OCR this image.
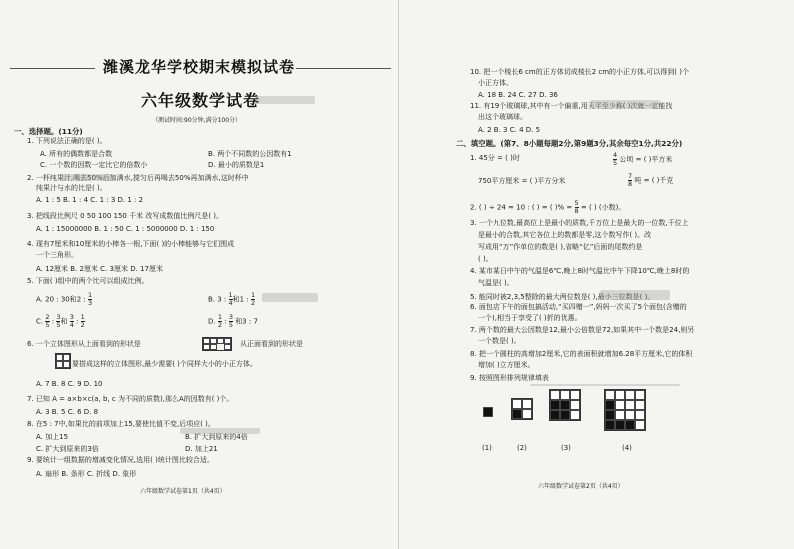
潍溪龙华学校期末模拟试卷
六年级数学试卷
（测试时间:90分钟,满分100分）
一、选择题。(11分)
1. 下列说法正确的是( )。
A. 所有的偶数都是合数	B. 两个不同数的公因数有1
C. 一个数的因数一定比它的倍数小	D. 最小的质数是1
2. 一杯纯果汁,喝去50%后加满水,搅匀后再喝去50%再加满水,这时杯中
纯果汁与水的比是( )。
A. 1 : 5 B. 1 : 4 C. 1 : 3 D. 1 : 2
3. 把线段比例尺 0 50 100 150 千米 改写成数值比例尺是( )。
A. 1 : 15000000 B. 1 : 50 C. 1 : 5000000 D. 1 : 150
4. 现有7厘米和10厘米的小棒各一根,下面( )的小棒能够与它们围成
一个三角形。
A. 12厘米 B. 2厘米 C. 3厘米 D. 17厘米
5. 下面( )组中的两个比可以组成比例。
A. 20 : 30和2 : $\frac{1}{3}$	B. 3 : $\frac{1}{4}$ 和1 : $\frac{1}{2}$
C. $\frac{2}{5}$ : $\frac{3}{5}$ 和 $\frac{3}{4}$ : $\frac{1}{2}$	D. $\frac{1}{2}$ : $\frac{3}{5}$ 和3 : 7
6. 一个立体图形从上面看到的形状是	从正面看到的形状是
要搭成这样的立体图形,最少需要( )个同样大小的小正方体。
A. 7 B. 8 C. 9 D. 10
7. 已知 A = a×b×c(a, b, c 为不同的质数),那么A的因数有( )个。
A. 3 B. 5 C. 6 D. 8
8. 在5 : 7中,如果比的前项加上15,要使比值不变,后项应( )。
A. 加上15	B. 扩大到原来的4倍
C. 扩大到原来的3倍	D. 加上21
9. 要统计一组数据的增减变化情况,选用( )统计图比较合适。
A. 扇形 B. 条形 C. 折线 D. 象形
六年级数学试卷第1页（共4页）
10. 把一个棱长6 cm的正方体切成棱长2 cm的小正方体,可以得到( )个
小正方体。
A. 18 B. 24 C. 27 D. 36
11. 有19个玻璃球,其中有一个偏重,用天平至少称( )次就一定能找
出这个玻璃球。
A. 2 B. 3 C. 4 D. 5
二、填空题。(第7、8小题每题2分,第9题3分,其余每空1分,共22分)
1. 45分 = ( )时	$\frac{4}{5}$ 公顷 = ( )平方米
750平方厘米 = ( )平方分米	$\frac{7}{8}$ 吨 = ( )千克
2. ( ) ÷ 24 = 10 : ( ) = ( )% = $\frac{5}{8}$ = ( ) (小数)。
3. 一个九位数,最高位上是最小的质数,千万位上是最大的一位数,千位上
是最小的合数,其它各位上的数都是零,这个数写作( )。改
写成用“万”作单位的数是( ),省略“亿”后面的尾数约是
( )。
4. 某市某日中午的气温是6℃,晚上8时气温比中午下降10℃,晚上8时的
气温是( )。
5. 能同时被2,3,5整除的最大两位数是( ),最小三位数是( )。
6. 面包店下午的面包搞活动,“买四赠一”,妈妈一次买了5个面包(含赠的
一个),相当于享受了( )折的优惠。
7. 两个数的最大公因数是12,最小公倍数是72,如果其中一个数是24,则另
一个数是( )。
8. 把一个圆柱的高增加2厘米,它的表面积就增加6.28平方厘米,它的体积
增加( )立方厘米。
9. 按照图形排列规律填表
(1)	(2)	(3)	(4)
六年级数学试卷第2页（共4页）
